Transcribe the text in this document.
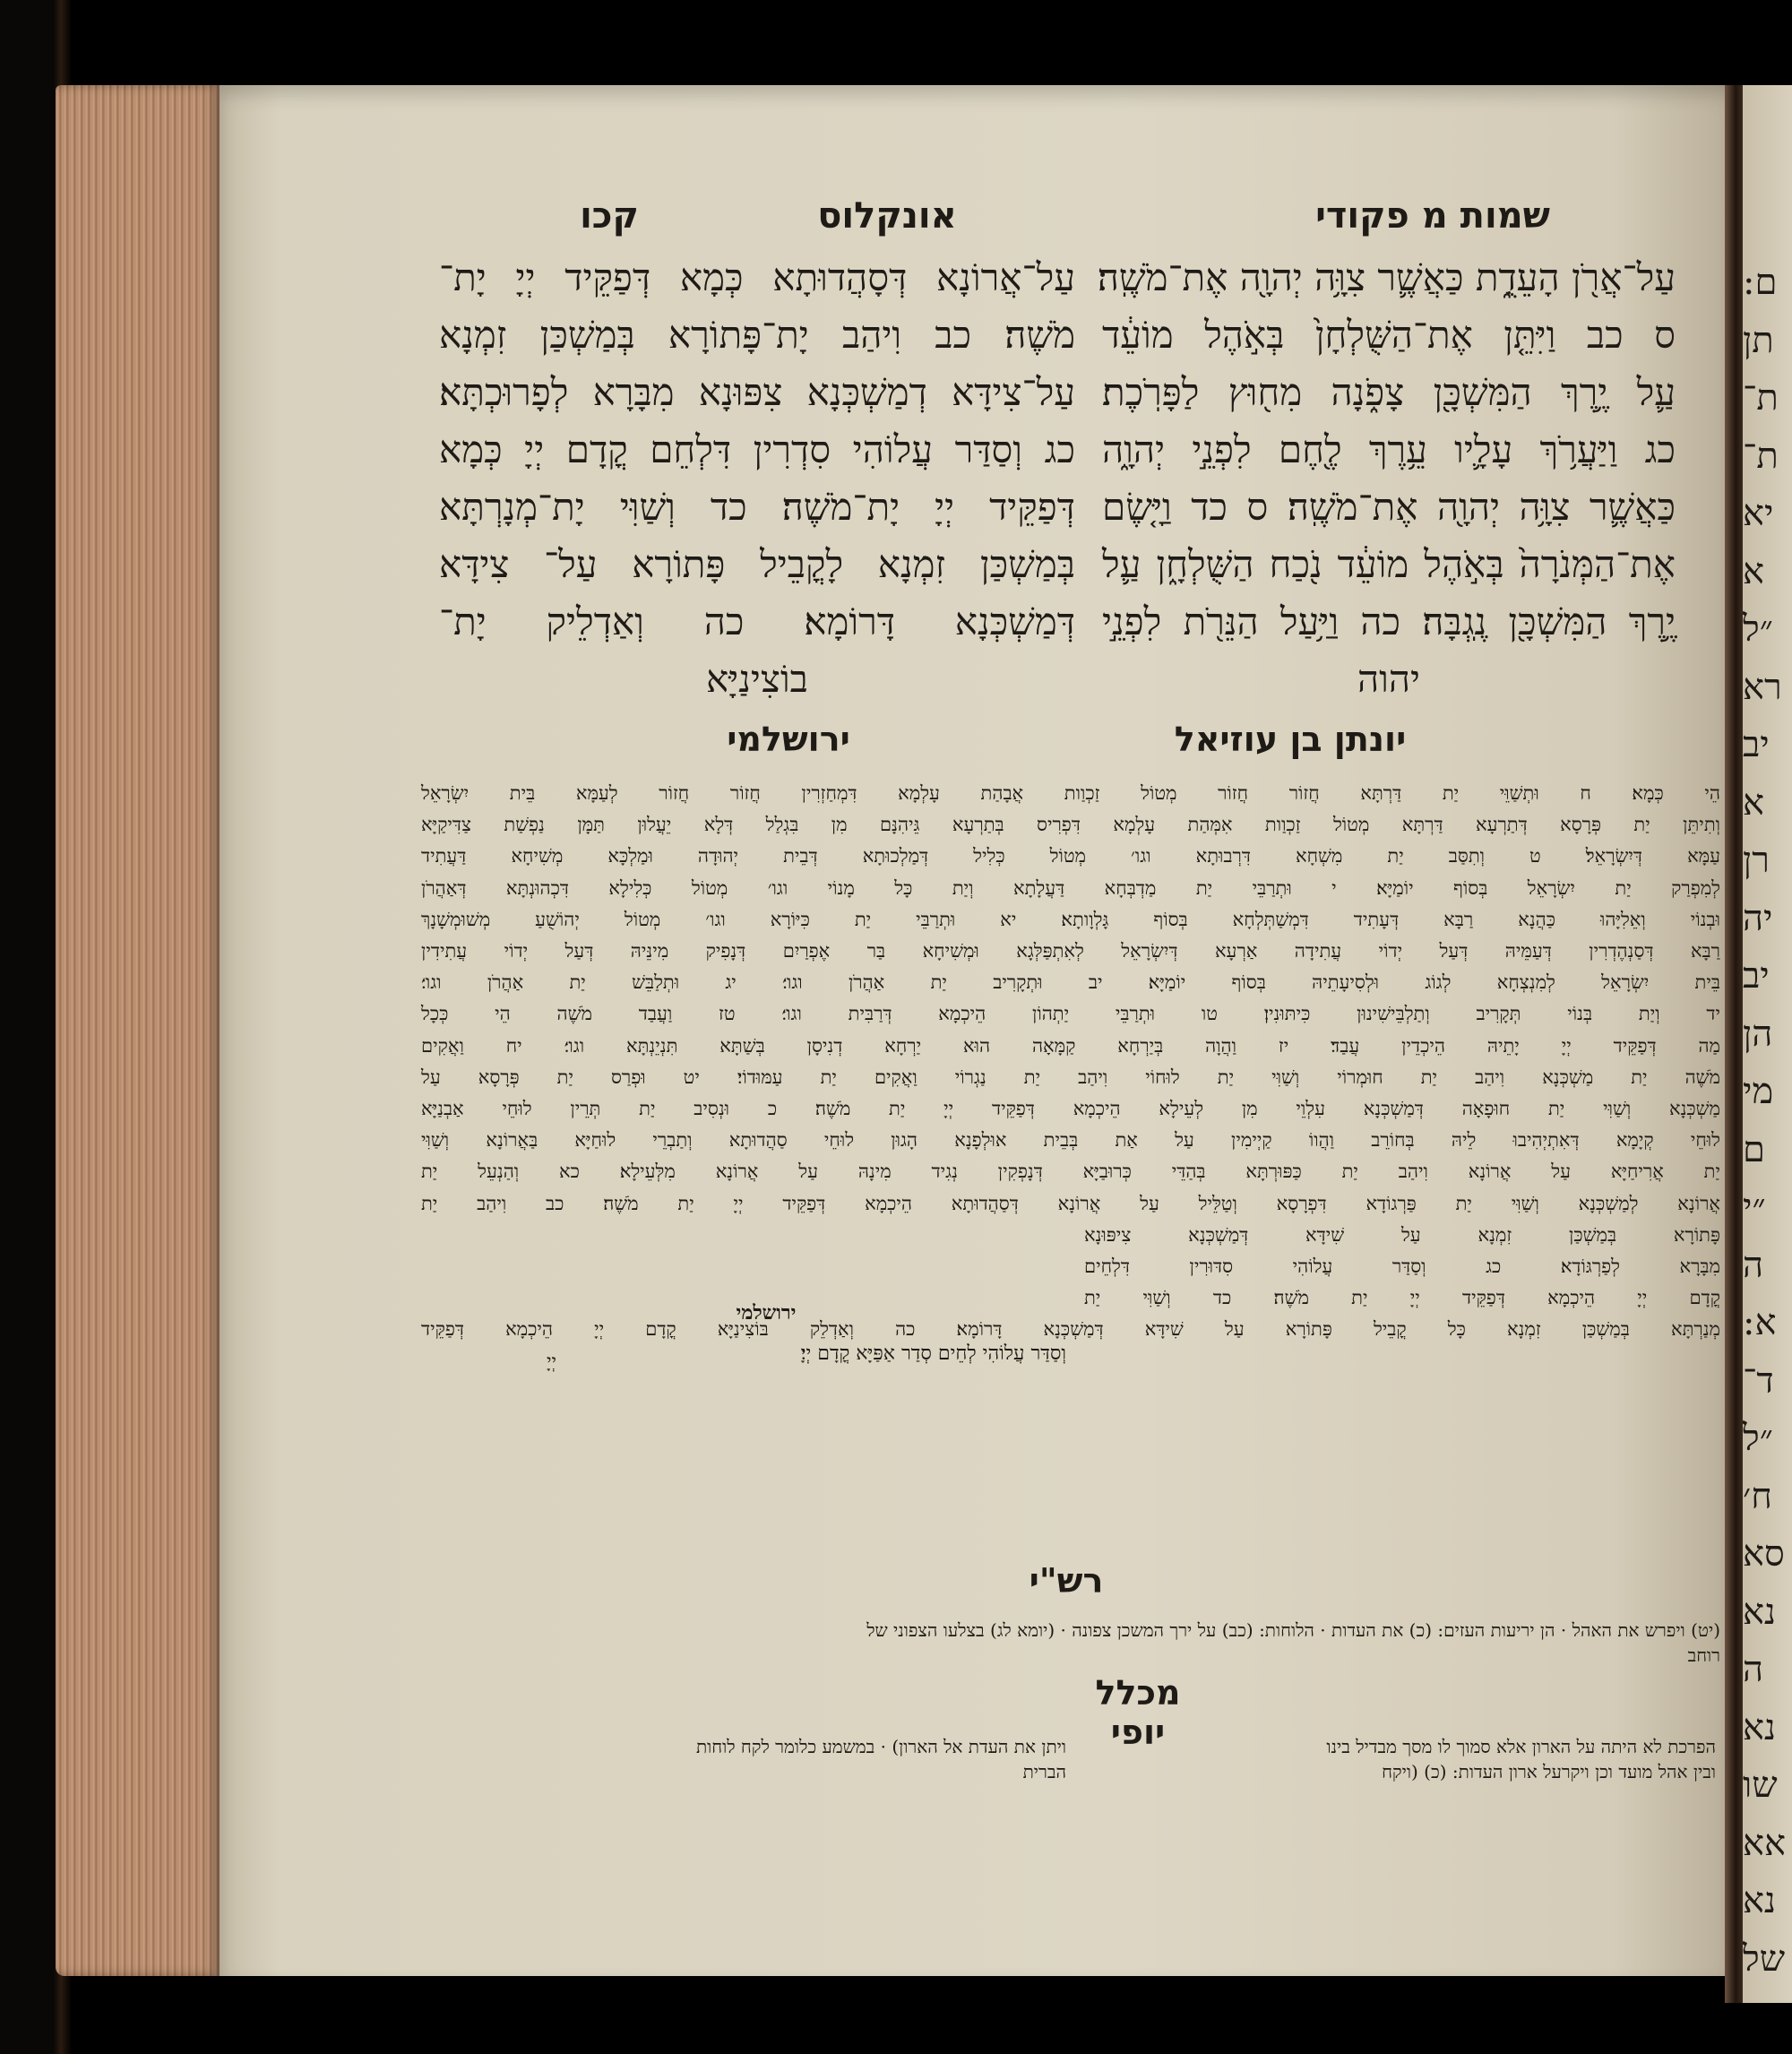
ם:
תן
ת־
ת־
יא
א
״ל
רא
יב
א
רן
יה
יב
הן
מי
ם
״י
ה
א:
ד־
״ל
ח׳
סא
נא
ה
נא
שו
אא
נא
של
שמות מ פקודי
אונקלוס
קכו
עַל־אֲרֹ֖ן הָעֵדֻ֑ת כַּאֲשֶׁ֛ר צִוָּ֥ה יְהוָ֖ה אֶת־מֹשֶֽׁה׃
ס כב וַיִּתֵּ֤ן אֶת־הַשֻּׁלְחָן֙ בְּאֹ֣הֶל מוֹעֵ֔ד
עַ֛ל יֶ֥רֶךְ הַמִּשְׁכָּ֖ן צָפֹ֑נָה מִח֖וּץ לַפָּרֹֽכֶת׃
כג וַיַּעֲרֹ֥ךְ עָלָ֛יו עֵ֥רֶךְ לֶ֖חֶם לִפְנֵ֣י יְהוָ֑ה
כַּאֲשֶׁ֛ר צִוָּ֥ה יְהוָ֖ה אֶת־מֹשֶֽׁה׃ ס כד וַיָּ֤שֶׂם
אֶת־הַמְּנֹרָה֙ בְּאֹ֣הֶל מוֹעֵ֔ד נֹ֖כַח הַשֻּׁלְחָ֑ן עַ֛ל
יֶ֥רֶךְ הַמִּשְׁכָּ֖ן נֶֽגְבָּה׃ כה וַיַּ֥עַל הַנֵּרֹ֖ת לִפְנֵ֣י
יהוה
עַל־אֲרוֹנָא דְּסָהֲדוּתָא כְּמָא דְּפַקֵּיד יְיָ יָת־
מֹשֶׁה׃ כב וִיהַב יָת־פָּתוֹרָא בְּמַשְׁכַּן זִמְנָא
עַל־צִידָּא דְמַשְׁכְּנָא צִפּוּנָא מִבָּרָא לְפָרוּכְתָּא׃
כג וְסַדַּר עֲלוֹהִי סִדְרִין דִּלְחֵם קֳדָם יְיָ כְּמָא
דְּפַקֵּיד יְיָ יָת־מֹשֶׁה׃ כד וְשַׁוִּי יָת־מְנָרְתָּא
בְּמַשְׁכַּן זִמְנָא לָקֳבֵיל פָּתוֹרָא עַל־ צִידָּא
דְּמַשְׁכְּנָא דָּרוֹמָא׃ כה וְאַדְלֵיק יָת־
בוֹצִינַיָּא
יונתן בן עוזיאל
ירושלמי
הֵי כְּמָא׃ ח וּתְשַׁוֵּי יַת דַּרְתָּא חֲזוֹר חֲזוֹר מְטוֹל זַכְוַות אֲבָהַת עָלְמָא דִּמְחַזְרִין חֲזוֹר חֲזוֹר לְעַמָּא בֵּית יִשְׂרָאֵל
וְתִיתֵּן יַת פְּרָסָא דְּתַרְעָא דַּרְתָּא מְטוֹל זַכְוַות אִמְּהַת עָלְמָא דִּפְרִיס בְּתַרְעָא גֵּיהִנָּם מִן בִּגְלַל דְּלָא יֵעֲלוּן תַּמָּן נַפְשַׁת צַדִּיקַיָּא
עַמָּא דְּיִשְׂרָאֵל׃ ט וְתִסַּב יַת מִשְׁחָא דִּרְבוּתָא וגו׳ מְטוֹל כְּלִיל דְּמַלְכוּתָא דְּבֵית יְהוּדָה וּמַלְכָּא מְשִׁיחָא דַּעֲתִיד
לְמִפְרַק יַת יִשְׂרָאֵל בְּסוֹף יוֹמַיָּא׃ י וּתְרַבֵּי יַת מַדְבְּחָא דַּעֲלָתָא וְיַת כָּל מָנוֹי וגו׳ מְטוֹל כְּלִילָא דִּכְהוּנְתָּא דְּאַהֲרֹן
וּבְנוֹי וְאֵלִיָּהוּ כַּהֲנָא רַבָּא דְּעָתִיד דִּמְשַׁתְּלְחָא בְּסוֹף גָּלְוָותָא׃ יא וּתְרַבֵּי יַת כִּיּוֹרָא וגו׳ מְטוֹל יְהוֹשֻׁעַ מְשׁוּמְשָׁנָךְ
רַבָּא דְּסַנְהֶדְרִין דְּעַמֵּיהּ דְּעַל יְדוֹי עֲתִידָה אַרְעָא דְּיִשְׂרָאֵל לְאִתְפַּלְּגָא וּמְשִׁיחָא בַּר אֶפְרַיִם דְּנָפִיק מִינֵּיהּ דְּעַל יְדוֹי עֲתִידִין
בֵּית יִשְׂרָאֵל לְמִנְצְחָא לְגוֹג וּלְסִיעָתֵיהּ בְּסוֹף יוֹמַיָּא׃ יב וּתְקָרִיב יַת אַהֲרֹן וגו׳׃ יג וּתְלַבֵּשׁ יַת אַהֲרֹן וגו׳׃
יד וְיַת בְּנוֹי תְּקָרִיב וְתַלְבֵּישִׁינוּן כִּיתּוּנִין׃ טו וּתְרַבֵּי יַתְהוֹן הֵיכְמָא דְּרַבִּית וגו׳׃ טז וַעֲבַד מֹשֶׁה הֵי כְּכָל
מַה דְּפַקֵּיד יְיָ יָתֵיהּ הֵיכְדֵין עֲבַד׃ יז וַהֲוָה בְּיַרְחָא קַמָּאָה הוּא יַרְחָא דְנִיסָן בְּשַׁתָּא תִּנְיֵנְתָּא וגו׳׃ יח וַאֲקִים
מֹשֶׁה יַת מַשְׁכְּנָא וִיהַב יַת חוּמְרוֹי וְשַׁוִּי יַת לוּחוֹי וִיהַב יַת נַגְרוֹי וַאֲקִים יַת עַמּוּדוֹי׃ יט וּפְרַס יַת פְּרָסָא עַל
מַשְׁכְּנָא וְשַׁוִּי יַת חוּפָאָה דְּמַשְׁכְּנָא עִלְוֵי מִן לְעֵילָא הֵיכְמָא דְּפַקֵּיד יְיָ יַת מֹשֶׁה׃ כ וּנְסִיב יַת תְּרֵין לוּחֵי אַבְנַיָּא
לוּחֵי קְיָמָא דְּאִתְיְהִיבוּ לֵיהּ בְּחוֹרֵב וַהֲווֹ קַיְימִין עַל אַת בְּבֵית אוּלְפָנָא הָגוּן לוּחֵי סַהֲדוּתָא וְתַבְרֵי לוּחַיָּא בַּאֲרוֹנָא וְשַׁוִּי
יַת אֲרִיחַיָּא עַל אֲרוֹנָא וִיהַב יַת כַּפּוּרְתָּא בְּהַדֵּי כְּרוּבַיָּא דְּנָפְקִין נְגִיד מִינָהּ עַל אֲרוֹנָא מִלְּעֵילָא׃ כא וְהַנְעֵל יַת
אֲרוֹנָא לְמַשְׁכְּנָא וְשַׁוִּי יַת פַּרְגוֹדָא דִּפְרָסָא וְטַלֵּיל עַל אֲרוֹנָא דְּסַהֲדוּתָא הֵיכְמָא דְּפַקֵּיד יְיָ יַת מֹשֶׁה׃ כב וִיהַב יַת
פָּתוֹרָא בְּמַשְׁכַּן זִמְנָא עַל שִׁידָּא דְּמַשְׁכְּנָא צִיפּוּנָא
מִבָּרָא לְפַרְגּוֹדָא׃ כג וְסַדַּר עֲלוֹהִי סִדּוּרִין דִּלְחֵים
קֳדָם יְיָ הֵיכְמָא דְּפַקֵּיד יְיָ יַת מֹשֶׁה׃ כד וְשַׁוִּי יַת
מְנַרְתָּא בְּמַשְׁכַּן זִמְנָא כָּל קֳבֵיל פָּתוֹרָא עַל שִׁידָּא דְּמַשְׁכְּנָא דָּרוֹמָא׃ כה וְאַדְלֵק בּוֹצִינַיָּא קֳדָם יְיָ הֵיכְמָא דְּפַקֵּיד
יְיָ
ירושלמי
וְסַדַּר עֲלוֹהִי לְחֵים סְדַר אַפַּיָּא קֳדָם יְיָ׃
רש"י
(יט) ויפרש את האהל · הן יריעות העזים: (כ) את העדות · הלוחות: (כב) על ירך המשכן צפונה · (יומא לג) בצלעו הצפוני של
רוחב
מכלל יופי	הפרכת לא היתה על הארון אלא סמוך לו מסך מבדיל בינו
ובין אהל מועד וכן ויקרעל ארון העדות: (כ) (ויקח
ויתן את העדת אל הארון) · במשמע כלומר לקח לוחות
הברית
